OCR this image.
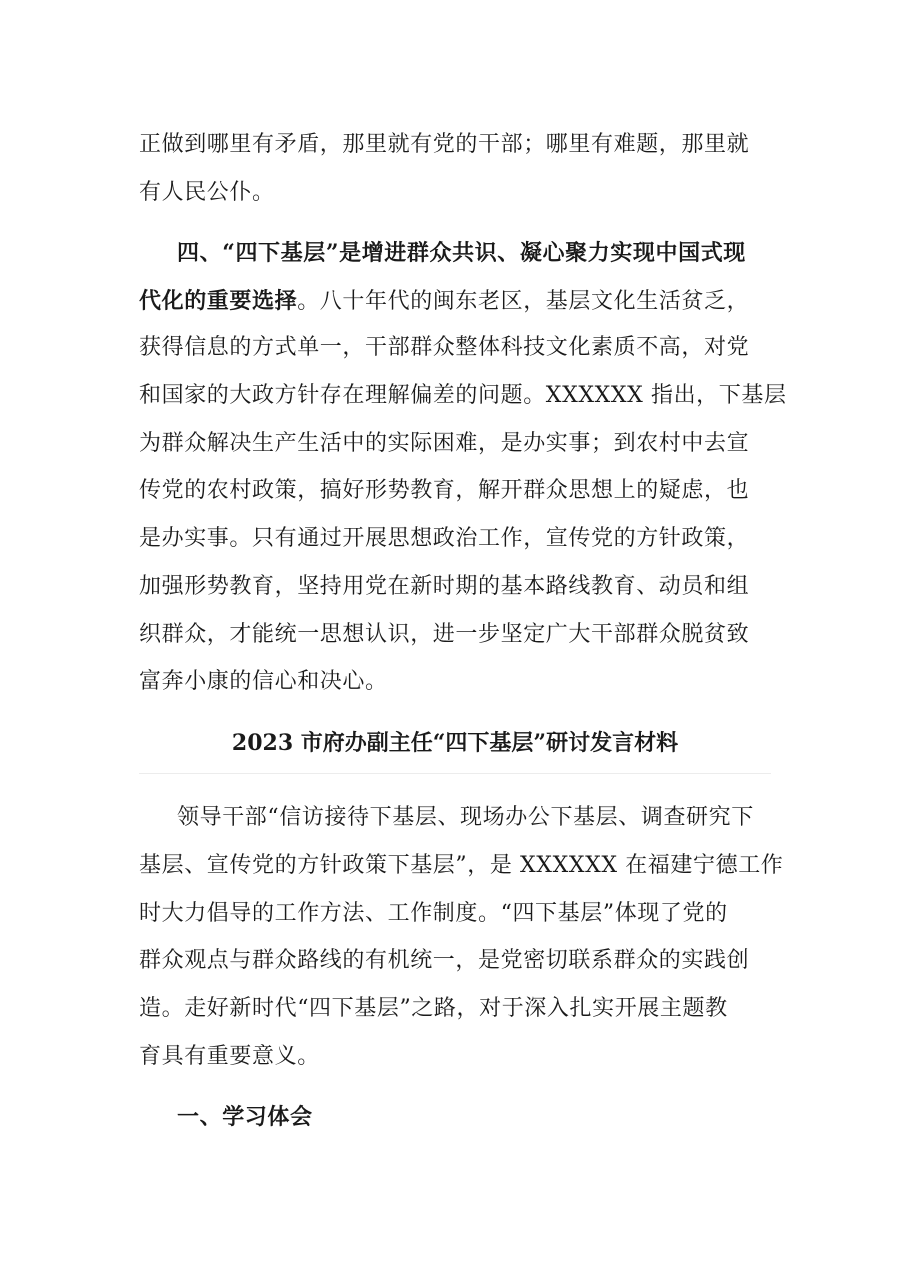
正做到哪里有矛盾，那里就有党的干部；哪里有难题，那里就
有人民公仆。
四、“四下基层”是增进群众共识、凝心聚力实现中国式现
代化的重要选择。八十年代的闽东老区，基层文化生活贫乏，
获得信息的方式单一，干部群众整体科技文化素质不高，对党
和国家的大政方针存在理解偏差的问题。XXXXXX 指出，下基层
为群众解决生产生活中的实际困难，是办实事；到农村中去宣
传党的农村政策，搞好形势教育，解开群众思想上的疑虑，也
是办实事。只有通过开展思想政治工作，宣传党的方针政策，
加强形势教育，坚持用党在新时期的基本路线教育、动员和组
织群众，才能统一思想认识，进一步坚定广大干部群众脱贫致
富奔小康的信心和决心。
2023 市府办副主任“四下基层”研讨发言材料
领导干部“信访接待下基层、现场办公下基层、调查研究下
基层、宣传党的方针政策下基层”，是 XXXXXX 在福建宁德工作
时大力倡导的工作方法、工作制度。“四下基层”体现了党的
群众观点与群众路线的有机统一，是党密切联系群众的实践创
造。走好新时代“四下基层”之路，对于深入扎实开展主题教
育具有重要意义。
一、学习体会
